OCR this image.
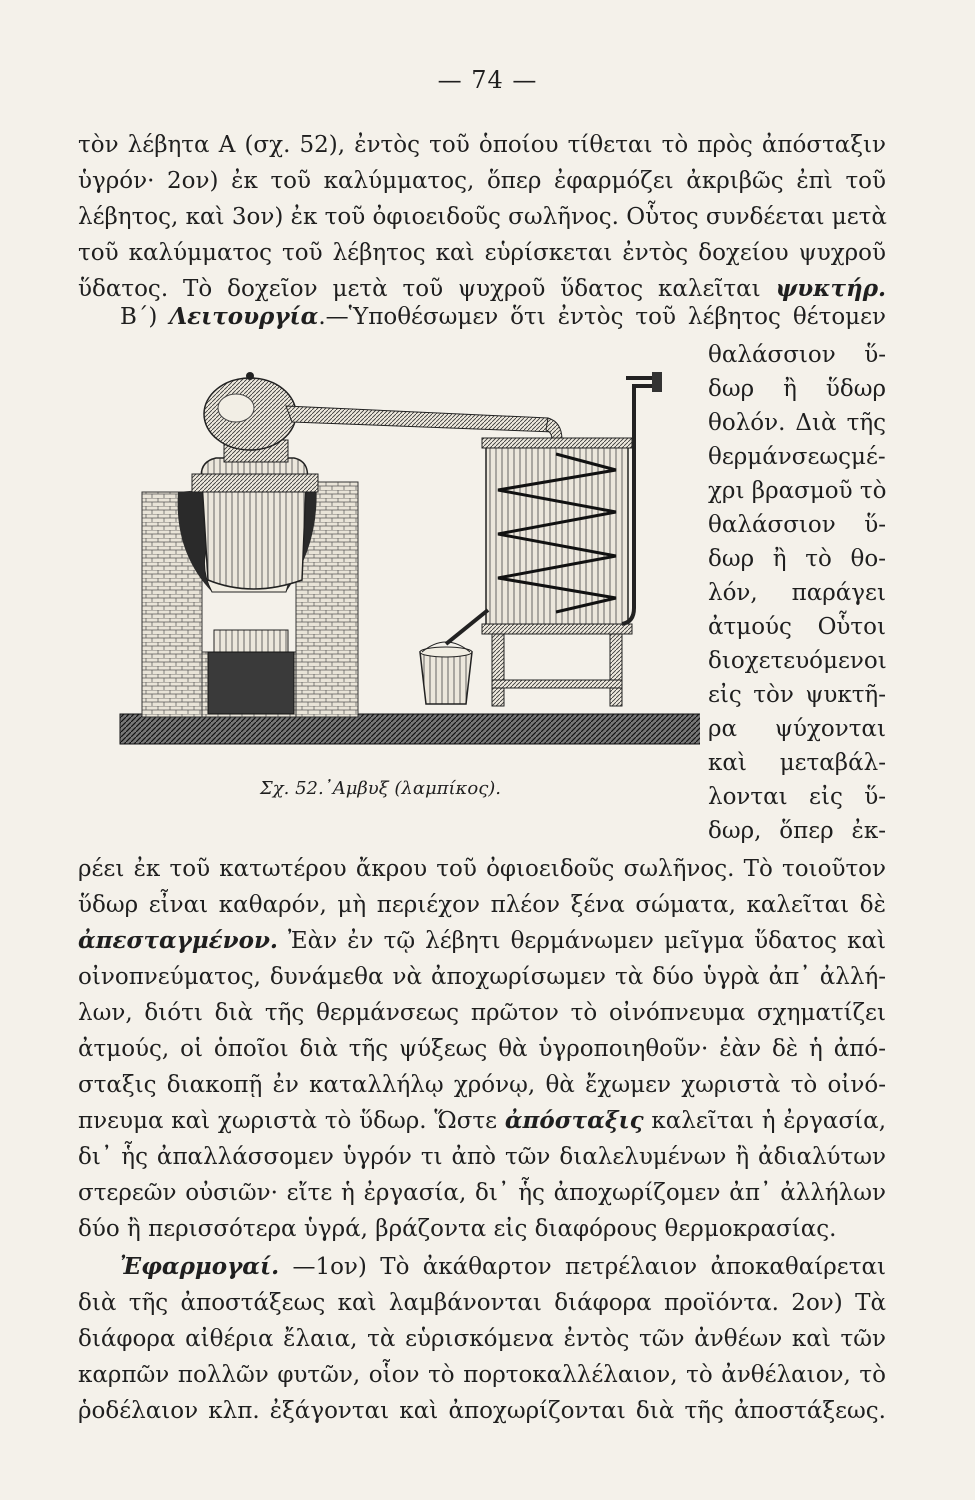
— 74 —
τὸν λέβητα Α (σχ. 52), ἐντὸς τοῦ ὁποίου τίθεται τὸ πρὸς ἀπόσταξιν
ὑγρόν· 2ον) ἐκ τοῦ καλύμματος, ὅπερ ἐφαρμόζει ἀκριβῶς ἐπὶ τοῦ
λέβητος, καὶ 3ον) ἐκ τοῦ ὀφιοειδοῦς σωλῆνος. Οὗτος συνδέεται μετὰ
τοῦ καλύμματος τοῦ λέβητος καὶ εὑρίσκεται ἐντὸς δοχείου ψυχροῦ
ὕδατος. Τὸ δοχεῖον μετὰ τοῦ ψυχροῦ ὕδατος καλεῖται ψυκτήρ.
Β΄) Λειτουργία.—Ὑποθέσωμεν ὅτι ἐντὸς τοῦ λέβητος θέτομεν
θαλάσσιον ὕ-
δωρ ἢ ὕδωρ
θολόν. Διὰ τῆς
θερμάνσεωςμέ-
χρι βρασμοῦ τὸ
θαλάσσιον ὕ-
δωρ ἢ τὸ θο-
λόν, παράγει
ἀτμούς Οὗτοι
διοχετευόμενοι
εἰς τὸν ψυκτῆ-
ρα ψύχονται
καὶ μεταβάλ-
λονται εἰς ὕ-
δωρ, ὅπερ ἐκ-
Σχ. 52.᾿Αμβυξ (λαμπίκος).
ρέει ἐκ τοῦ κατωτέρου ἄκρου τοῦ ὀφιοειδοῦς σωλῆνος. Τὸ τοιοῦτον
ὕδωρ εἶναι καθαρόν, μὴ περιέχον πλέον ξένα σώματα, καλεῖται δὲ
ἀπεσταγμένον. Ἐὰν ἐν τῷ λέβητι θερμάνωμεν μεῖγμα ὕδατος καὶ
οἰνοπνεύματος, δυνάμεθα νὰ ἀποχωρίσωμεν τὰ δύο ὑγρὰ ἀπ᾿ ἀλλή-
λων, διότι διὰ τῆς θερμάνσεως πρῶτον τὸ οἰνόπνευμα σχηματίζει
ἀτμούς, οἱ ὁποῖοι διὰ τῆς ψύξεως θὰ ὑγροποιηθοῦν· ἐὰν δὲ ἡ ἀπό-
σταξις διακοπῇ ἐν καταλλήλῳ χρόνῳ, θὰ ἔχωμεν χωριστὰ τὸ οἰνό-
πνευμα καὶ χωριστὰ τὸ ὕδωρ. Ὥστε ἀπόσταξις καλεῖται ἡ ἐργασία,
δι᾿ ἧς ἀπαλλάσσομεν ὑγρόν τι ἀπὸ τῶν διαλελυμένων ἢ ἀδιαλύτων
στερεῶν οὐσιῶν· εἴτε ἡ ἐργασία, δι᾿ ἧς ἀποχωρίζομεν ἀπ᾿ ἀλλήλων
δύο ἢ περισσότερα ὑγρά, βράζοντα εἰς διαφόρους θερμοκρασίας.
Ἐφαρμογαί. —1ον) Τὸ ἀκάθαρτον πετρέλαιον ἀποκαθαίρεται
διὰ τῆς ἀποστάξεως καὶ λαμβάνονται διάφορα προϊόντα. 2ον) Τὰ
διάφορα αἰθέρια ἔλαια, τὰ εὑρισκόμενα ἐντὸς τῶν ἀνθέων καὶ τῶν
καρπῶν πολλῶν φυτῶν, οἷον τὸ πορτοκαλλέλαιον, τὸ ἀνθέλαιον, τὸ
ῥοδέλαιον κλπ. ἐξάγονται καὶ ἀποχωρίζονται διὰ τῆς ἀποστάξεως.
